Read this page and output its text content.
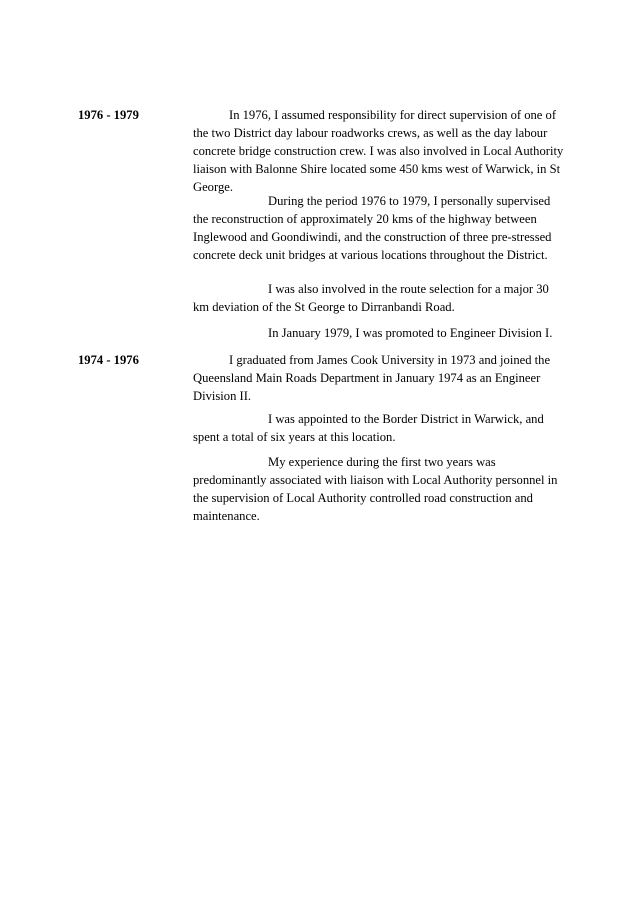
1976 - 1979	In 1976, I assumed responsibility for direct supervision of one of the two District day labour roadworks crews, as well as the day labour concrete bridge construction crew. I was also involved in Local Authority liaison with Balonne Shire located some 450 kms west of Warwick, in St George.

During the period 1976 to 1979, I personally supervised the reconstruction of approximately 20 kms of the highway between Inglewood and Goondiwindi, and the construction of three pre-stressed concrete deck unit bridges at various locations throughout the District.

I was also involved in the route selection for a major 30 km deviation of the St George to Dirranbandi Road.

In January 1979, I was promoted to Engineer Division I.

1974 - 1976	I graduated from James Cook University in 1973 and joined the Queensland Main Roads Department in January 1974 as an Engineer Division II.

I was appointed to the Border District in Warwick, and spent a total of six years at this location.

My experience during the first two years was predominantly associated with liaison with Local Authority personnel in the supervision of Local Authority controlled road construction and maintenance.
